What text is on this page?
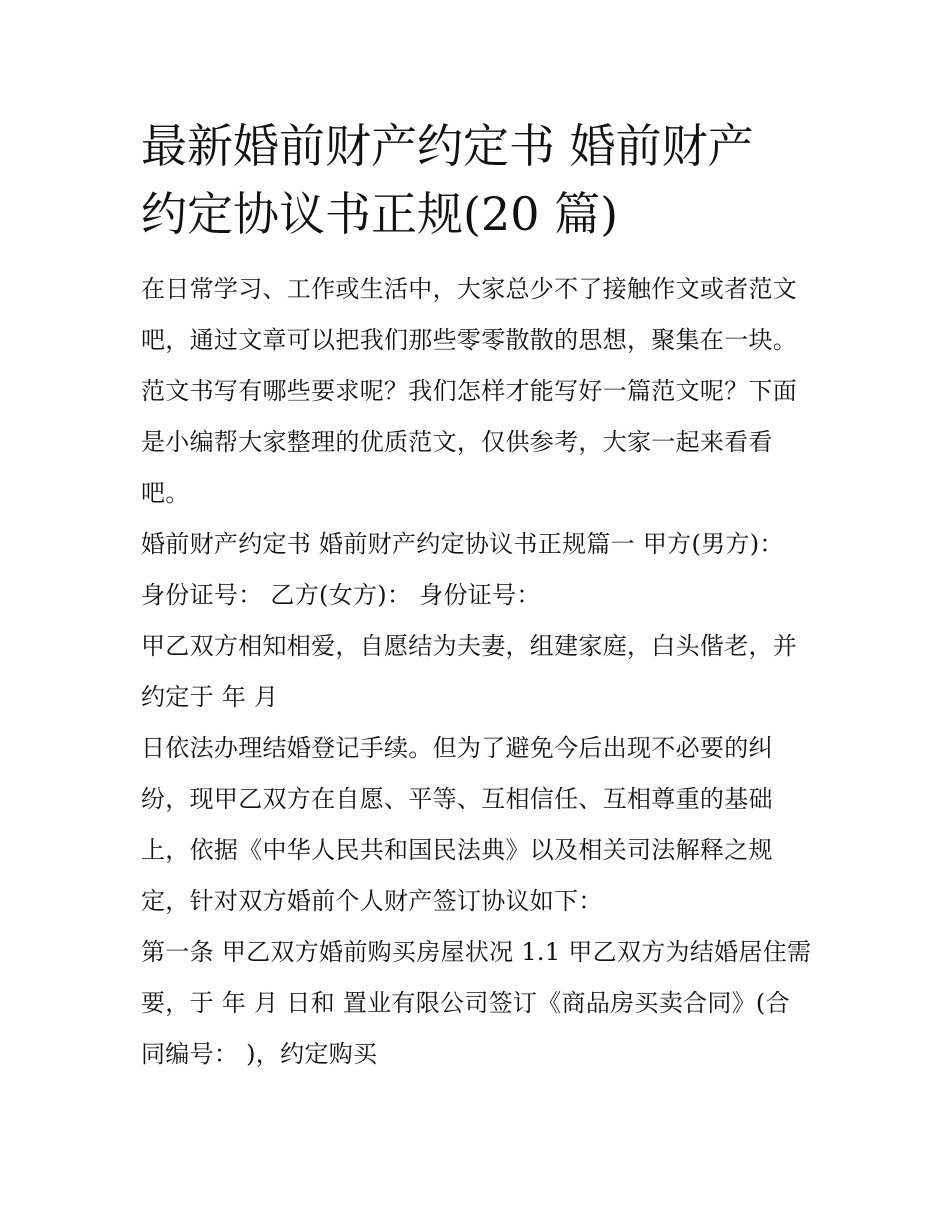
最新婚前财产约定书 婚前财产
约定协议书正规(20 篇)

在日常学习、工作或生活中，大家总少不了接触作文或者范文
吧，通过文章可以把我们那些零零散散的思想，聚集在一块。
范文书写有哪些要求呢？我们怎样才能写好一篇范文呢？下面
是小编帮大家整理的优质范文，仅供参考，大家一起来看看
吧。

婚前财产约定书 婚前财产约定协议书正规篇一 甲方(男方)：
身份证号： 乙方(女方)： 身份证号：

甲乙双方相知相爱，自愿结为夫妻，组建家庭，白头偕老，并
约定于 年 月

日依法办理结婚登记手续。但为了避免今后出现不必要的纠
纷，现甲乙双方在自愿、平等、互相信任、互相尊重的基础
上，依据《中华人民共和国民法典》以及相关司法解释之规
定，针对双方婚前个人财产签订协议如下：

第一条 甲乙双方婚前购买房屋状况 1.1 甲乙双方为结婚居住需
要，于 年 月 日和 置业有限公司签订《商品房买卖合同》(合
同编号： )，约定购买
